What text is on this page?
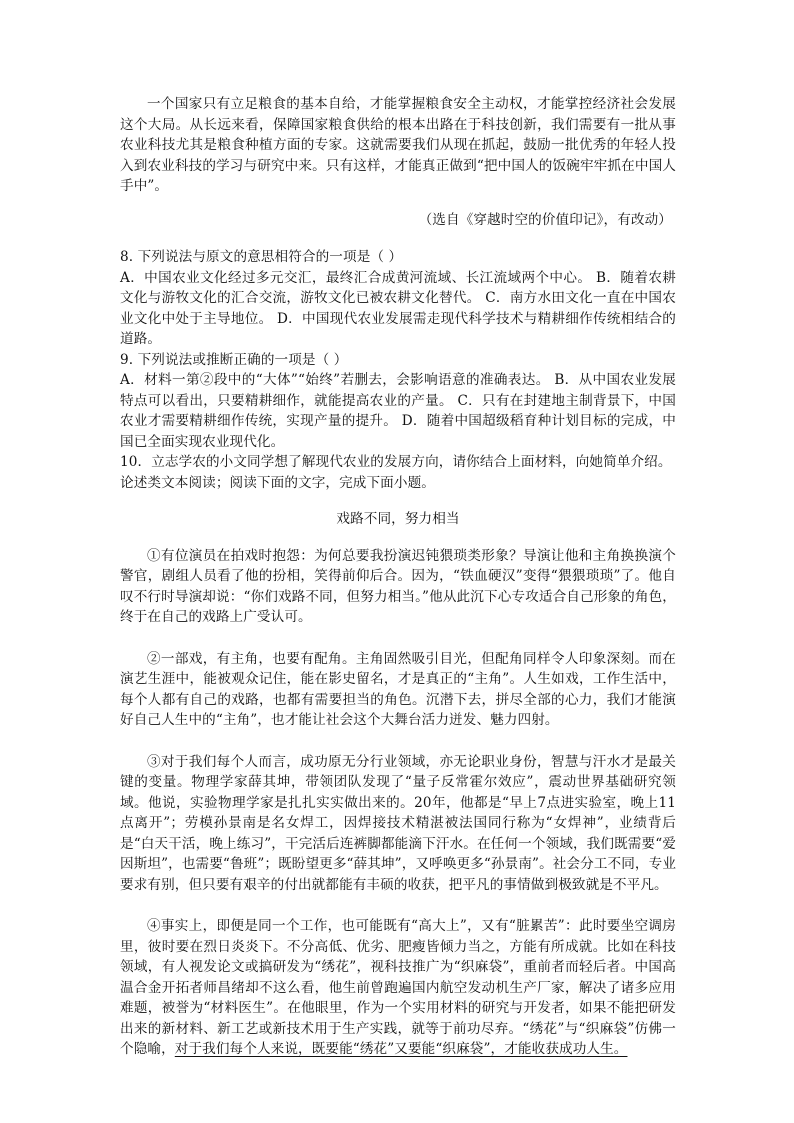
一个国家只有立足粮食的基本自给，才能掌握粮食安全主动权，才能掌控经济社会发展这个大局。从长远来看，保障国家粮食供给的根本出路在于科技创新，我们需要有一批从事农业科技尤其是粮食种植方面的专家。这就需要我们从现在抓起，鼓励一批优秀的年轻人投入到农业科技的学习与研究中来。只有这样，才能真正做到“把中国人的饭碗牢牢抓在中国人手中”。

（选自《穿越时空的价值印记》，有改动）

8. 下列说法与原文的意思相符合的一项是（ ）

A．中国农业文化经过多元交汇，最终汇合成黄河流域、长江流域两个中心。 B．随着农耕文化与游牧文化的汇合交流，游牧文化已被农耕文化替代。 C．南方水田文化一直在中国农业文化中处于主导地位。 D．中国现代农业发展需走现代科学技术与精耕细作传统相结合的道路。

9. 下列说法或推断正确的一项是（ ）

A．材料一第②段中的“大体”“始终”若删去，会影响语意的准确表达。 B．从中国农业发展特点可以看出，只要精耕细作，就能提高农业的产量。 C．只有在封建地主制背景下，中国农业才需要精耕细作传统，实现产量的提升。 D．随着中国超级稻育种计划目标的完成，中国已全面实现农业现代化。

10．立志学农的小文同学想了解现代农业的发展方向，请你结合上面材料，向她简单介绍。

论述类文本阅读；阅读下面的文字，完成下面小题。

戏路不同，努力相当

①有位演员在拍戏时抱怨：为何总要我扮演迟钝猥琐类形象？导演让他和主角换换演个警官，剧组人员看了他的扮相，笑得前仰后合。因为，“铁血硬汉”变得“猥猥琐琐”了。他自叹不行时导演却说：“你们戏路不同，但努力相当。”他从此沉下心专攻适合自己形象的角色，终于在自己的戏路上广受认可。

②一部戏，有主角，也要有配角。主角固然吸引目光，但配角同样令人印象深刻。而在演艺生涯中，能被观众记住，能在影史留名，才是真正的“主角”。人生如戏，工作生活中，每个人都有自己的戏路，也都有需要担当的角色。沉潜下去，拼尽全部的心力，我们才能演好自己人生中的“主角”，也才能让社会这个大舞台活力迸发、魅力四射。

③对于我们每个人而言，成功原无分行业领域，亦无论职业身份，智慧与汗水才是最关键的变量。物理学家薛其坤，带领团队发现了“量子反常霍尔效应”，震动世界基础研究领域。他说，实验物理学家是扎扎实实做出来的。20年，他都是“早上7点进实验室，晚上11点离开”；劳模孙景南是名女焊工，因焊接技术精湛被法国同行称为“女焊神”，业绩背后是“白天干活，晚上练习”，干完活后连裤脚都能滴下汗水。在任何一个领域，我们既需要“爱因斯坦”，也需要“鲁班”；既盼望更多“薛其坤”，又呼唤更多“孙景南”。社会分工不同，专业要求有别，但只要有艰辛的付出就都能有丰硕的收获，把平凡的事情做到极致就是不平凡。

④事实上，即便是同一个工作，也可能既有“高大上”，又有“脏累苦”：此时要坐空调房里，彼时要在烈日炎炎下。不分高低、优劣、肥瘦皆倾力当之，方能有所成就。比如在科技领域，有人视发论文或搞研发为“绣花”，视科技推广为“织麻袋”，重前者而轻后者。中国高温合金开拓者师昌绪却不这么看，他生前曾跑遍国内航空发动机生产厂家，解决了诸多应用难题，被誉为“材料医生”。在他眼里，作为一个实用材料的研究与开发者，如果不能把研发出来的新材料、新工艺或新技术用于生产实践，就等于前功尽弃。“绣花”与“织麻袋”仿佛一个隐喻，对于我们每个人来说，既要能“绣花”又要能“织麻袋”，才能收获成功人生。
